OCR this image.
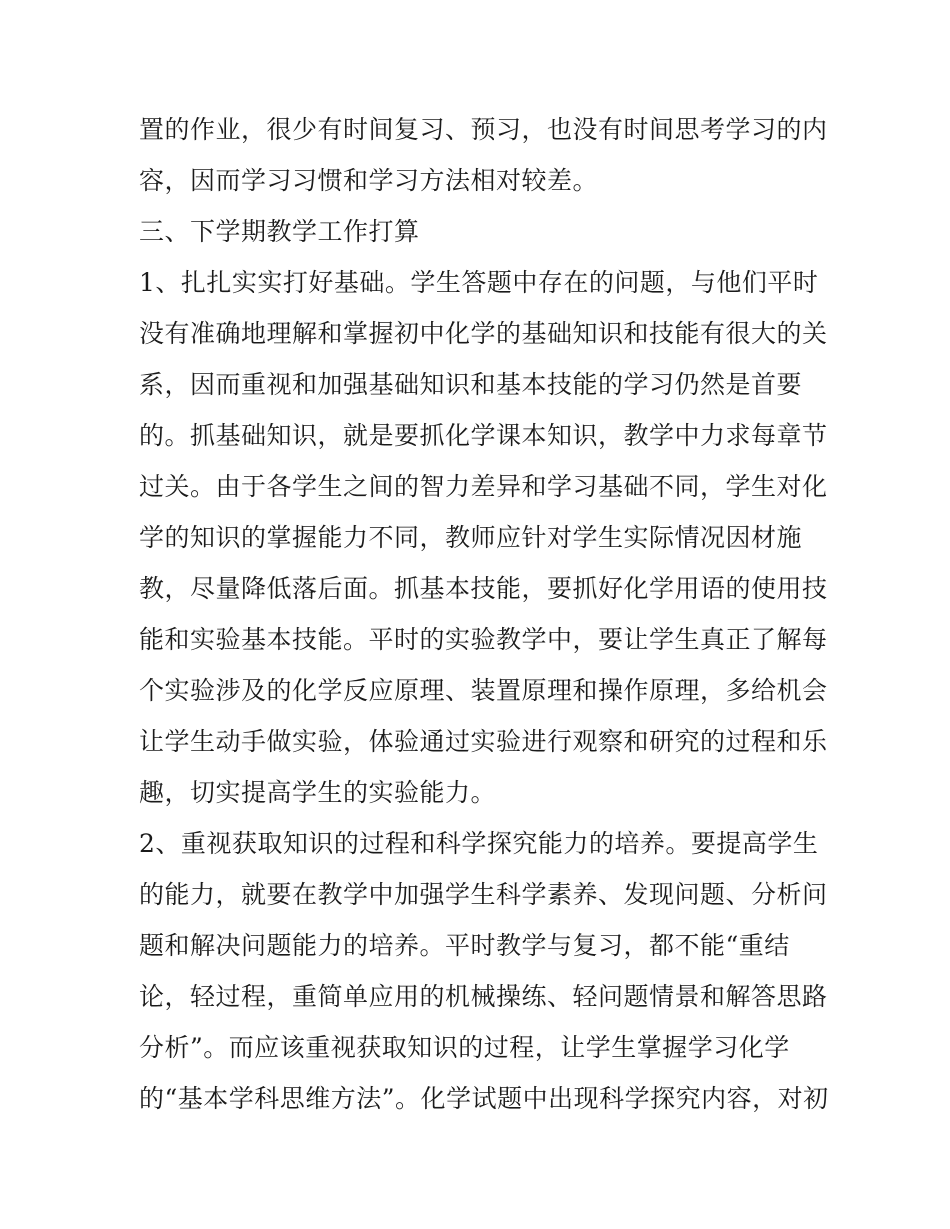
置的作业，很少有时间复习、预习，也没有时间思考学习的内
容，因而学习习惯和学习方法相对较差。
三、下学期教学工作打算
1、扎扎实实打好基础。学生答题中存在的问题，与他们平时
没有准确地理解和掌握初中化学的基础知识和技能有很大的关
系，因而重视和加强基础知识和基本技能的学习仍然是首要
的。抓基础知识，就是要抓化学课本知识，教学中力求每章节
过关。由于各学生之间的智力差异和学习基础不同，学生对化
学的知识的掌握能力不同，教师应针对学生实际情况因材施
教，尽量降低落后面。抓基本技能，要抓好化学用语的使用技
能和实验基本技能。平时的实验教学中，要让学生真正了解每
个实验涉及的化学反应原理、装置原理和操作原理，多给机会
让学生动手做实验，体验通过实验进行观察和研究的过程和乐
趣，切实提高学生的实验能力。
2、重视获取知识的过程和科学探究能力的培养。要提高学生
的能力，就要在教学中加强学生科学素养、发现问题、分析问
题和解决问题能力的培养。平时教学与复习，都不能“重结
论，轻过程，重简单应用的机械操练、轻问题情景和解答思路
分析”。而应该重视获取知识的过程，让学生掌握学习化学
的“基本学科思维方法”。化学试题中出现科学探究内容，对初
